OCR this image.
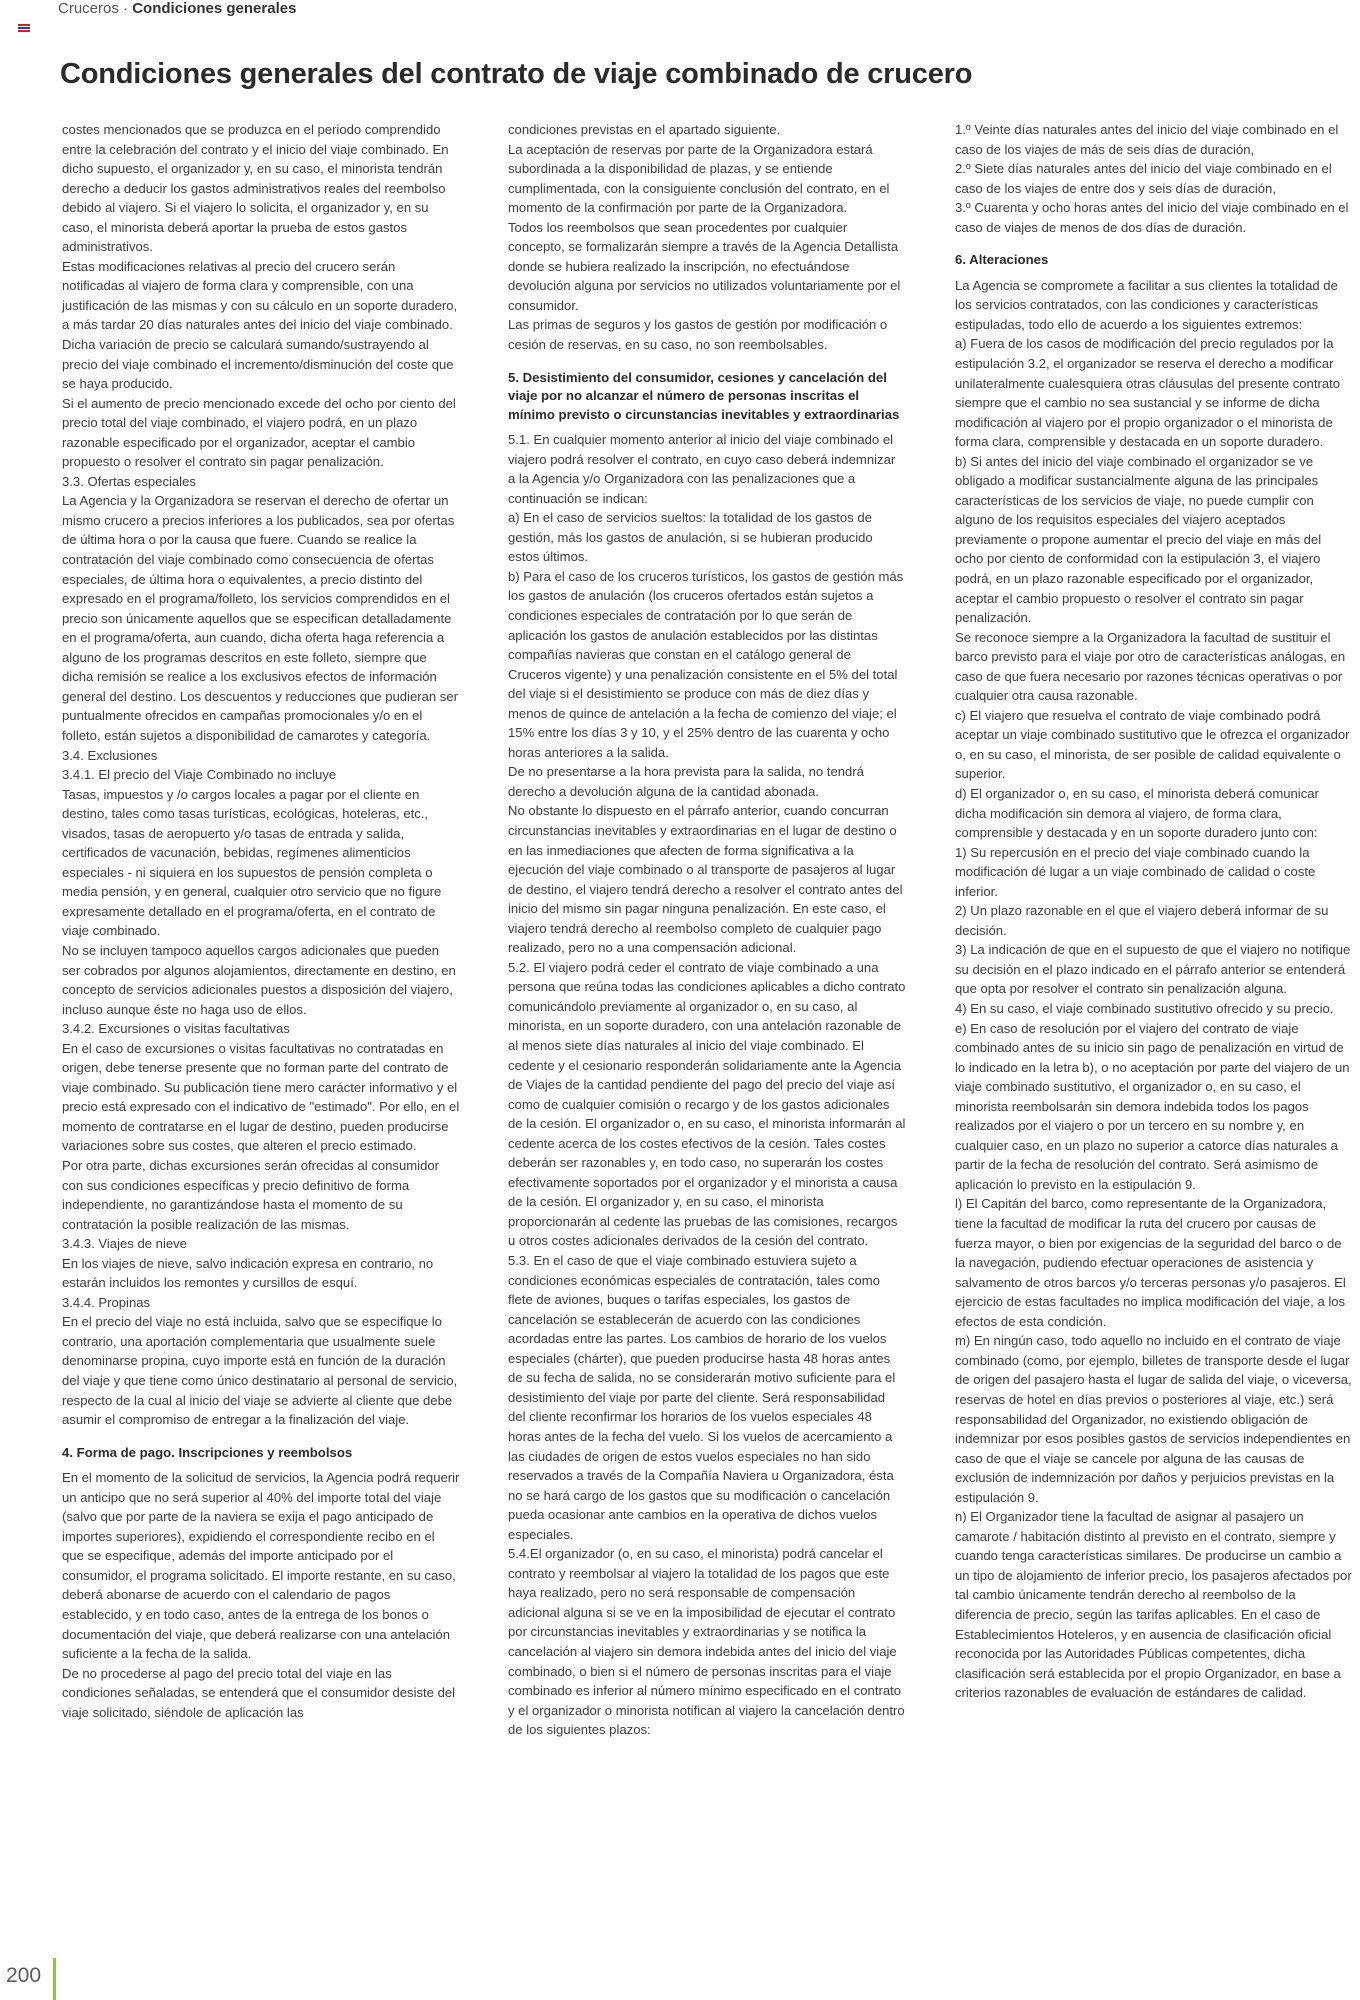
Cruceros · Condiciones generales
Condiciones generales del contrato de viaje combinado de crucero

costes mencionados que se produzca en el periodo comprendido entre la celebración del contrato y el inicio del viaje combinado. En dicho supuesto, el organizador y, en su caso, el minorista tendrán derecho a deducir los gastos administrativos reales del reembolso debido al viajero. Si el viajero lo solicita, el organizador y, en su caso, el minorista deberá aportar la prueba de estos gastos administrativos.

Estas modificaciones relativas al precio del crucero serán notificadas al viajero de forma clara y comprensible, con una justificación de las mismas y con su cálculo en un soporte duradero, a más tardar 20 días naturales antes del inicio del viaje combinado. Dicha variación de precio se calculará sumando/sustrayendo al precio del viaje combinado el incremento/disminución del coste que se haya producido.

Si el aumento de precio mencionado excede del ocho por ciento del precio total del viaje combinado, el viajero podrá, en un plazo razonable especificado por el organizador, aceptar el cambio propuesto o resolver el contrato sin pagar penalización.

3.3. Ofertas especiales

La Agencia y la Organizadora se reservan el derecho de ofertar un mismo crucero a precios inferiores a los publicados, sea por ofertas de última hora o por la causa que fuere. Cuando se realice la contratación del viaje combinado como consecuencia de ofertas especiales, de última hora o equivalentes, a precio distinto del expresado en el programa/folleto, los servicios comprendidos en el precio son únicamente aquellos que se especifican detalladamente en el programa/oferta, aun cuando, dicha oferta haga referencia a alguno de los programas descritos en este folleto, siempre que dicha remisión se realice a los exclusivos efectos de información general del destino. Los descuentos y reducciones que pudieran ser puntualmente ofrecidos en campañas promocionales y/o en el folleto, están sujetos a disponibilidad de camarotes y categoría.

3.4. Exclusiones

3.4.1. El precio del Viaje Combinado no incluye

Tasas, impuestos y /o cargos locales a pagar por el cliente en destino, tales como tasas turísticas, ecológicas, hoteleras, etc., visados, tasas de aeropuerto y/o tasas de entrada y salida, certificados de vacunación, bebidas, regímenes alimenticios especiales - ni siquiera en los supuestos de pensión completa o media pensión, y en general, cualquier otro servicio que no figure expresamente detallado en el programa/oferta, en el contrato de viaje combinado.

No se incluyen tampoco aquellos cargos adicionales que pueden ser cobrados por algunos alojamientos, directamente en destino, en concepto de servicios adicionales puestos a disposición del viajero, incluso aunque éste no haga uso de ellos.

3.4.2. Excursiones o visitas facultativas

En el caso de excursiones o visitas facultativas no contratadas en origen, debe tenerse presente que no forman parte del contrato de viaje combinado. Su publicación tiene mero carácter informativo y el precio está expresado con el indicativo de "estimado". Por ello, en el momento de contratarse en el lugar de destino, pueden producirse variaciones sobre sus costes, que alteren el precio estimado.

Por otra parte, dichas excursiones serán ofrecidas al consumidor con sus condiciones específicas y precio definitivo de forma independiente, no garantizándose hasta el momento de su contratación la posible realización de las mismas.

3.4.3. Viajes de nieve

En los viajes de nieve, salvo indicación expresa en contrario, no estarán incluidos los remontes y cursillos de esquí.

3.4.4. Propinas

En el precio del viaje no está incluida, salvo que se especifique lo contrario, una aportación complementaria que usualmente suele denominarse propina, cuyo importe está en función de la duración del viaje y que tiene como único destinatario al personal de servicio, respecto de la cual al inicio del viaje se advierte al cliente que debe asumir el compromiso de entregar a la finalización del viaje.

4. Forma de pago. Inscripciones y reembolsos

En el momento de la solicitud de servicios, la Agencia podrá requerir un anticipo que no será superior al 40% del importe total del viaje (salvo que por parte de la naviera se exija el pago anticipado de importes superiores), expidiendo el correspondiente recibo en el que se especifique, además del importe anticipado por el consumidor, el programa solicitado. El importe restante, en su caso, deberá abonarse de acuerdo con el calendario de pagos establecido, y en todo caso, antes de la entrega de los bonos o documentación del viaje, que deberá realizarse con una antelación suficiente a la fecha de la salida.

De no procederse al pago del precio total del viaje en las condiciones señaladas, se entenderá que el consumidor desiste del viaje solicitado, siéndole de aplicación las

condiciones previstas en el apartado siguiente.

La aceptación de reservas por parte de la Organizadora estará subordinada a la disponibilidad de plazas, y se entiende cumplimentada, con la consiguiente conclusión del contrato, en el momento de la confirmación por parte de la Organizadora.

Todos los reembolsos que sean procedentes por cualquier concepto, se formalizarán siempre a través de la Agencia Detallista donde se hubiera realizado la inscripción, no efectuándose devolución alguna por servicios no utilizados voluntariamente por el consumidor.

Las primas de seguros y los gastos de gestión por modificación o cesión de reservas, en su caso, no son reembolsables.

5. Desistimiento del consumidor, cesiones y cancelación del viaje por no alcanzar el número de personas inscritas el mínimo previsto o circunstancias inevitables y extraordinarias

5.1. En cualquier momento anterior al inicio del viaje combinado el viajero podrá resolver el contrato, en cuyo caso deberá indemnizar a la Agencia y/o Organizadora con las penalizaciones que a continuación se indican:

a) En el caso de servicios sueltos: la totalidad de los gastos de gestión, más los gastos de anulación, si se hubieran producido estos últimos.

b) Para el caso de los cruceros turísticos, los gastos de gestión más los gastos de anulación (los cruceros ofertados están sujetos a condiciones especiales de contratación por lo que serán de aplicación los gastos de anulación establecidos por las distintas compañías navieras que constan en el catálogo general de Cruceros vigente) y una penalización consistente en el 5% del total del viaje si el desistimiento se produce con más de diez días y menos de quince de antelación a la fecha de comienzo del viaje; el 15% entre los días 3 y 10, y el 25% dentro de las cuarenta y ocho horas anteriores a la salida.

De no presentarse a la hora prevista para la salida, no tendrá derecho a devolución alguna de la cantidad abonada.

No obstante lo dispuesto en el párrafo anterior, cuando concurran circunstancias inevitables y extraordinarias en el lugar de destino o en las inmediaciones que afecten de forma significativa a la ejecución del viaje combinado o al transporte de pasajeros al lugar de destino, el viajero tendrá derecho a resolver el contrato antes del inicio del mismo sin pagar ninguna penalización. En este caso, el viajero tendrá derecho al reembolso completo de cualquier pago realizado, pero no a una compensación adicional.

5.2. El viajero podrá ceder el contrato de viaje combinado a una persona que reúna todas las condiciones aplicables a dicho contrato comunicándolo previamente al organizador o, en su caso, al minorista, en un soporte duradero, con una antelación razonable de al menos siete días naturales al inicio del viaje combinado. El cedente y el cesionario responderán solidariamente ante la Agencia de Viajes de la cantidad pendiente del pago del precio del viaje así como de cualquier comisión o recargo y de los gastos adicionales de la cesión. El organizador o, en su caso, el minorista informarán al cedente acerca de los costes efectivos de la cesión. Tales costes deberán ser razonables y, en todo caso, no superarán los costes efectivamente soportados por el organizador y el minorista a causa de la cesión. El organizador y, en su caso, el minorista proporcionarán al cedente las pruebas de las comisiones, recargos u otros costes adicionales derivados de la cesión del contrato.

5.3. En el caso de que el viaje combinado estuviera sujeto a condiciones económicas especiales de contratación, tales como flete de aviones, buques o tarifas especiales, los gastos de cancelación se establecerán de acuerdo con las condiciones acordadas entre las partes. Los cambios de horario de los vuelos especiales (chárter), que pueden producirse hasta 48 horas antes de su fecha de salida, no se considerarán motivo suficiente para el desistimiento del viaje por parte del cliente. Será responsabilidad del cliente reconfirmar los horarios de los vuelos especiales 48 horas antes de la fecha del vuelo. Si los vuelos de acercamiento a las ciudades de origen de estos vuelos especiales no han sido reservados a través de la Compañía Naviera u Organizadora, ésta no se hará cargo de los gastos que su modificación o cancelación pueda ocasionar ante cambios en la operativa de dichos vuelos especiales.

5.4.El organizador (o, en su caso, el minorista) podrá cancelar el contrato y reembolsar al viajero la totalidad de los pagos que este haya realizado, pero no será responsable de compensación adicional alguna si se ve en la imposibilidad de ejecutar el contrato por circunstancias inevitables y extraordinarias y se notifica la cancelación al viajero sin demora indebida antes del inicio del viaje combinado, o bien si el número de personas inscritas para el viaje combinado es inferior al número mínimo especificado en el contrato y el organizador o minorista notifican al viajero la cancelación dentro de los siguientes plazos:

1.º Veinte días naturales antes del inicio del viaje combinado en el caso de los viajes de más de seis días de duración,

2.º Siete días naturales antes del inicio del viaje combinado en el caso de los viajes de entre dos y seis días de duración,

3.º Cuarenta y ocho horas antes del inicio del viaje combinado en el caso de viajes de menos de dos días de duración.

6. Alteraciones

La Agencia se compromete a facilitar a sus clientes la totalidad de los servicios contratados, con las condiciones y características estipuladas, todo ello de acuerdo a los siguientes extremos:

a) Fuera de los casos de modificación del precio regulados por la estipulación 3.2, el organizador se reserva el derecho a modificar unilateralmente cualesquiera otras cláusulas del presente contrato siempre que el cambio no sea sustancial y se informe de dicha modificación al viajero por el propio organizador o el minorista de forma clara, comprensible y destacada en un soporte duradero.

b) Si antes del inicio del viaje combinado el organizador se ve obligado a modificar sustancialmente alguna de las principales características de los servicios de viaje, no puede cumplir con alguno de los requisitos especiales del viajero aceptados previamente o propone aumentar el precio del viaje en más del ocho por ciento de conformidad con la estipulación 3, el viajero podrá, en un plazo razonable especificado por el organizador, aceptar el cambio propuesto o resolver el contrato sin pagar penalización.

Se reconoce siempre a la Organizadora la facultad de sustituir el barco previsto para el viaje por otro de características análogas, en caso de que fuera necesario por razones técnicas operativas o por cualquier otra causa razonable.

c) El viajero que resuelva el contrato de viaje combinado podrá aceptar un viaje combinado sustitutivo que le ofrezca el organizador o, en su caso, el minorista, de ser posible de calidad equivalente o superior.

d) El organizador o, en su caso, el minorista deberá comunicar dicha modificación sin demora al viajero, de forma clara, comprensible y destacada y en un soporte duradero junto con:

1) Su repercusión en el precio del viaje combinado cuando la modificación dé lugar a un viaje combinado de calidad o coste inferior.

2) Un plazo razonable en el que el viajero deberá informar de su decisión.

3) La indicación de que en el supuesto de que el viajero no notifique su decisión en el plazo indicado en el párrafo anterior se entenderá que opta por resolver el contrato sin penalización alguna.

4) En su caso, el viaje combinado sustitutivo ofrecido y su precio.

e) En caso de resolución por el viajero del contrato de viaje combinado antes de su inicio sin pago de penalización en virtud de lo indicado en la letra b), o no aceptación por parte del viajero de un viaje combinado sustitutivo, el organizador o, en su caso, el minorista reembolsarán sin demora indebida todos los pagos realizados por el viajero o por un tercero en su nombre y, en cualquier caso, en un plazo no superior a catorce días naturales a partir de la fecha de resolución del contrato. Será asimismo de aplicación lo previsto en la estipulación 9.

l) El Capitán del barco, como representante de la Organizadora, tiene la facultad de modificar la ruta del crucero por causas de fuerza mayor, o bien por exigencias de la seguridad del barco o de la navegación, pudiendo efectuar operaciones de asistencia y salvamento de otros barcos y/o terceras personas y/o pasajeros. El ejercicio de estas facultades no implica modificación del viaje, a los efectos de esta condición.

m) En ningún caso, todo aquello no incluido en el contrato de viaje combinado (como, por ejemplo, billetes de transporte desde el lugar de origen del pasajero hasta el lugar de salida del viaje, o viceversa, reservas de hotel en días previos o posteriores al viaje, etc.) será responsabilidad del Organizador, no existiendo obligación de indemnizar por esos posibles gastos de servicios independientes en caso de que el viaje se cancele por alguna de las causas de exclusión de indemnización por daños y perjuicios previstas en la estipulación 9.

n) El Organizador tiene la facultad de asignar al pasajero un camarote / habitación distinto al previsto en el contrato, siempre y cuando tenga características similares. De producirse un cambio a un tipo de alojamiento de inferior precio, los pasajeros afectados por tal cambio únicamente tendrán derecho al reembolso de la diferencia de precio, según las tarifas aplicables. En el caso de Establecimientos Hoteleros, y en ausencia de clasificación oficial reconocida por las Autoridades Públicas competentes, dicha clasificación será establecida por el propio Organizador, en base a criterios razonables de evaluación de estándares de calidad.

200
